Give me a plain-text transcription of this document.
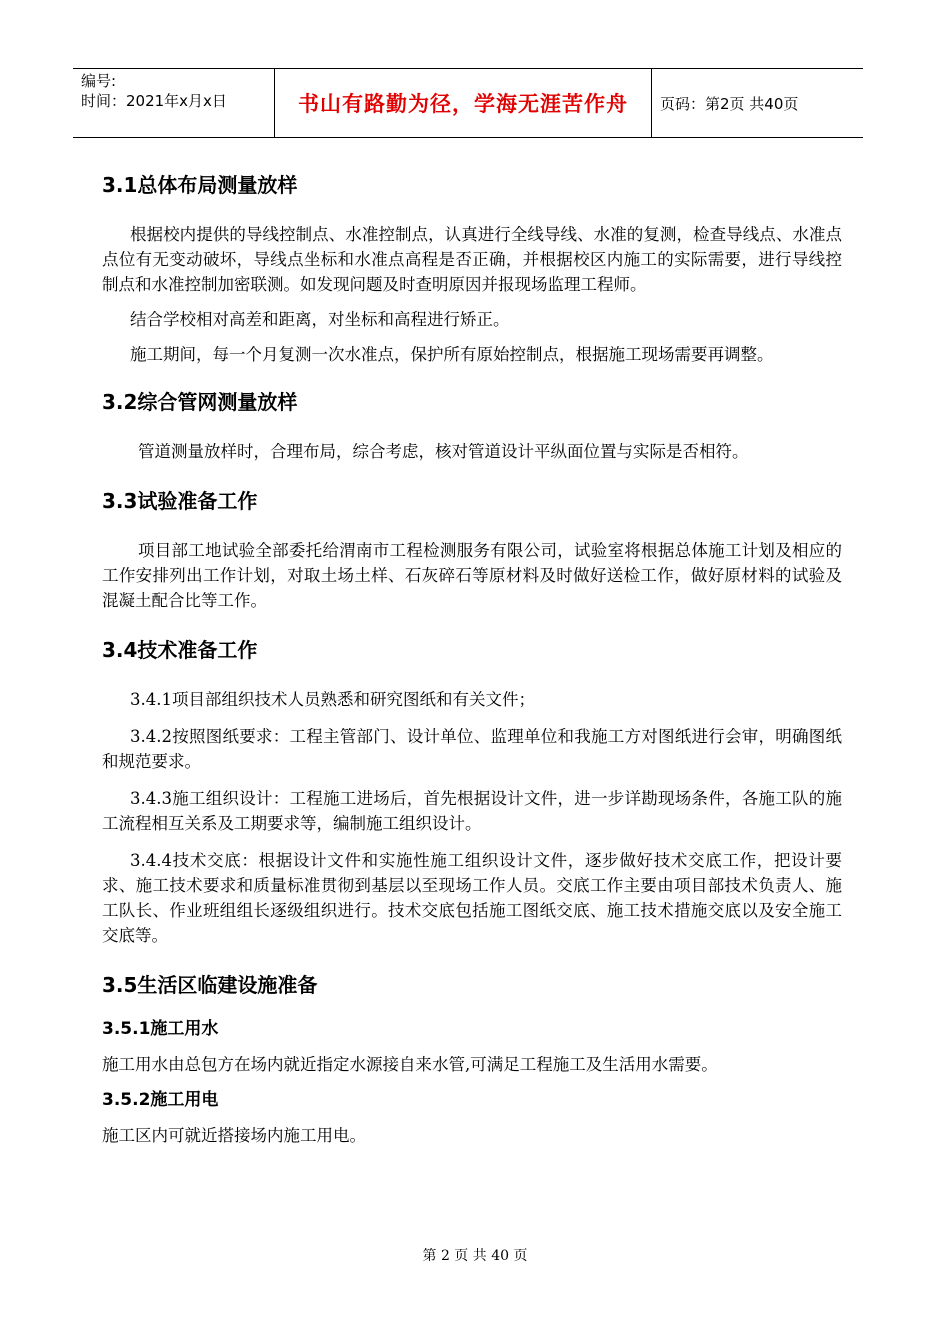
编号:
时间：2021年x月x日	书山有路勤为径，学海无涯苦作舟	页码：第2页 共40页
3.1总体布局测量放样

根据校内提供的导线控制点、水准控制点，认真进行全线导线、水准的复测，检查导线点、水准点点位有无变动破坏，导线点坐标和水准点高程是否正确，并根据校区内施工的实际需要，进行导线控制点和水准控制加密联测。如发现问题及时查明原因并报现场监理工程师。

结合学校相对高差和距离，对坐标和高程进行矫正。

施工期间，每一个月复测一次水准点，保护所有原始控制点，根据施工现场需要再调整。

3.2综合管网测量放样

管道测量放样时，合理布局，综合考虑，核对管道设计平纵面位置与实际是否相符。

3.3试验准备工作

项目部工地试验全部委托给渭南市工程检测服务有限公司，试验室将根据总体施工计划及相应的工作安排列出工作计划，对取土场土样、石灰碎石等原材料及时做好送检工作，做好原材料的试验及混凝土配合比等工作。

3.4技术准备工作

3.4.1项目部组织技术人员熟悉和研究图纸和有关文件；

3.4.2按照图纸要求：工程主管部门、设计单位、监理单位和我施工方对图纸进行会审，明确图纸和规范要求。

3.4.3施工组织设计：工程施工进场后，首先根据设计文件，进一步详勘现场条件，各施工队的施工流程相互关系及工期要求等，编制施工组织设计。

3.4.4技术交底：根据设计文件和实施性施工组织设计文件，逐步做好技术交底工作，把设计要求、施工技术要求和质量标准贯彻到基层以至现场工作人员。交底工作主要由项目部技术负责人、施工队长、作业班组组长逐级组织进行。技术交底包括施工图纸交底、施工技术措施交底以及安全施工交底等。

3.5生活区临建设施准备
3.5.1施工用水

施工用水由总包方在场内就近指定水源接自来水管,可满足工程施工及生活用水需要。

3.5.2施工用电

施工区内可就近搭接场内施工用电。

第 2 页 共 40 页
